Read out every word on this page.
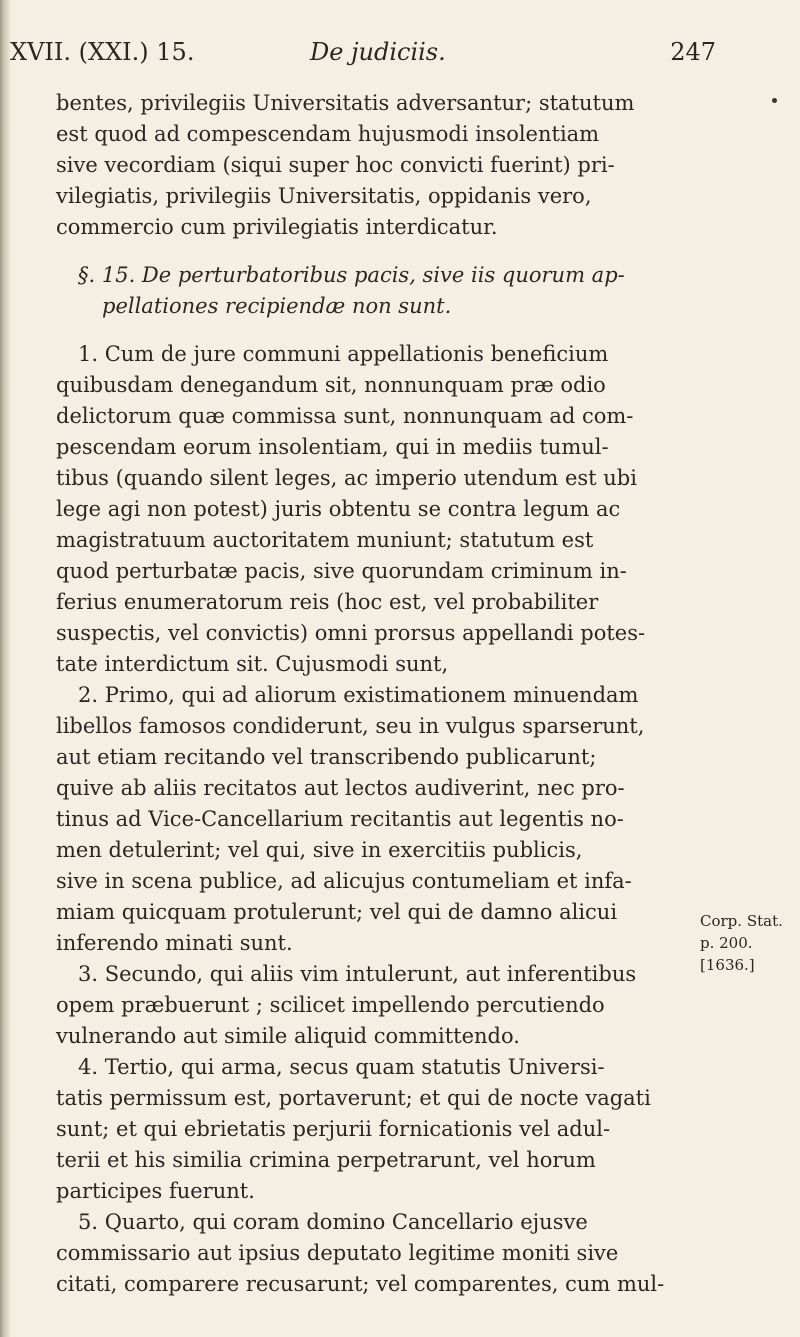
XVII. (XXI.) 15.	De judiciis.	247
bentes, privilegiis Universitatis adversantur; statutum
est quod ad compescendam hujusmodi insolentiam
sive vecordiam (siqui super hoc convicti fuerint) pri-
vilegiatis, privilegiis Universitatis, oppidanis vero,
commercio cum privilegiatis interdicatur.
§. 15. De perturbatoribus pacis, sive iis quorum ap-
pellationes recipiendæ non sunt.
1. Cum de jure communi appellationis beneficium
quibusdam denegandum sit, nonnunquam præ odio
delictorum quæ commissa sunt, nonnunquam ad com-
pescendam eorum insolentiam, qui in mediis tumul-
tibus (quando silent leges, ac imperio utendum est ubi
lege agi non potest) juris obtentu se contra legum ac
magistratuum auctoritatem muniunt; statutum est
quod perturbatæ pacis, sive quorundam criminum in-
ferius enumeratorum reis (hoc est, vel probabiliter
suspectis, vel convictis) omni prorsus appellandi potes-
tate interdictum sit. Cujusmodi sunt,
2. Primo, qui ad aliorum existimationem minuendam
libellos famosos condiderunt, seu in vulgus sparserunt,
aut etiam recitando vel transcribendo publicarunt;
quive ab aliis recitatos aut lectos audiverint, nec pro-
tinus ad Vice-Cancellarium recitantis aut legentis no-
men detulerint; vel qui, sive in exercitiis publicis,
sive in scena publice, ad alicujus contumeliam et infa-
miam quicquam protulerunt; vel qui de damno alicui
inferendo minati sunt.
3. Secundo, qui aliis vim intulerunt, aut inferentibus
opem præbuerunt ; scilicet impellendo percutiendo
vulnerando aut simile aliquid committendo.
4. Tertio, qui arma, secus quam statutis Universi-
tatis permissum est, portaverunt; et qui de nocte vagati
sunt; et qui ebrietatis perjurii fornicationis vel adul-
terii et his similia crimina perpetrarunt, vel horum
participes fuerunt.
5. Quarto, qui coram domino Cancellario ejusve
commissario aut ipsius deputato legitime moniti sive
citati, comparere recusarunt; vel comparentes, cum mul-
Corp. Stat.
p. 200.
[1636.]
